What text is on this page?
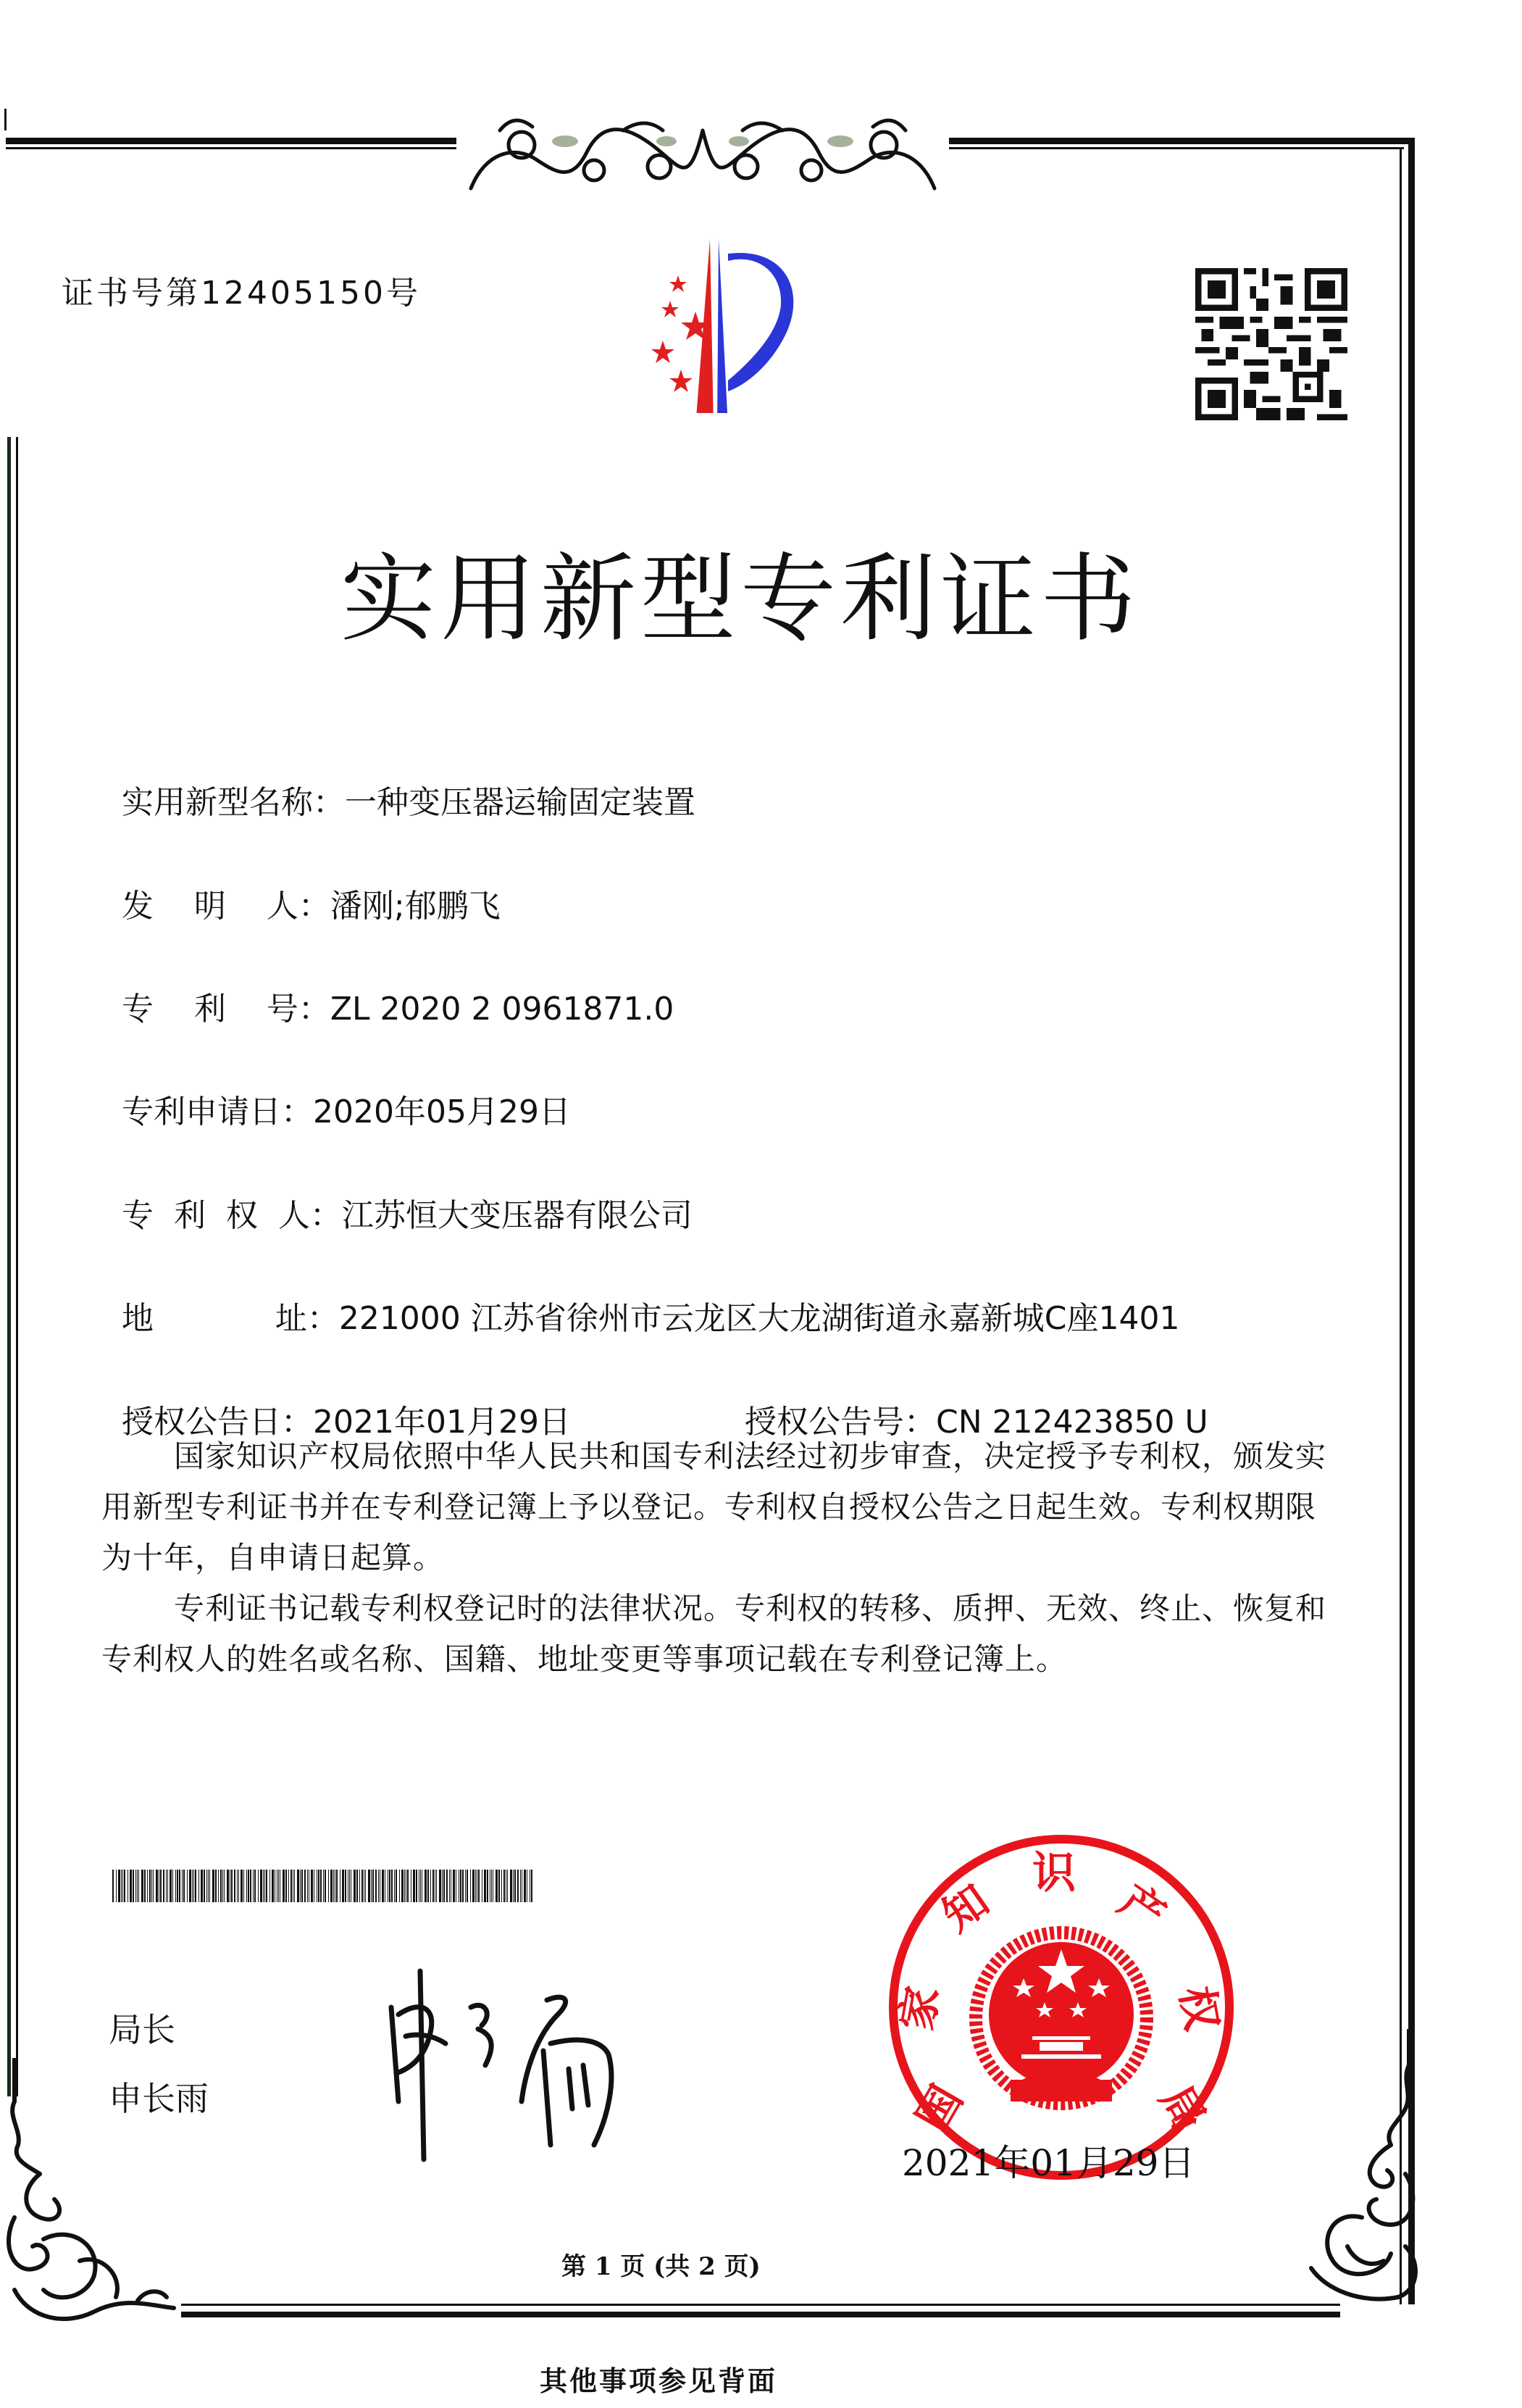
证书号第12405150号
实用新型专利证书

实用新型名称：一种变压器运输固定装置

发    明    人：潘刚;郁鹏飞

专    利    号：ZL 2020 2 0961871.0

专利申请日：2020年05月29日

专  利  权  人：江苏恒大变压器有限公司

地            址：221000 江苏省徐州市云龙区大龙湖街道永嘉新城C座1401

授权公告日：2021年01月29日	授权公告号：CN 212423850 U

国家知识产权局依照中华人民共和国专利法经过初步审查，决定授予专利权，颁发实用新型专利证书并在专利登记簿上予以登记。专利权自授权公告之日起生效。专利权期限为十年，自申请日起算。

专利证书记载专利权登记时的法律状况。专利权的转移、质押、无效、终止、恢复和专利权人的姓名或名称、国籍、地址变更等事项记载在专利登记簿上。

局长
申长雨	国
家
知
识
产
权
局
2021年01月29日
第 1 页 (共 2 页)
其他事项参见背面
